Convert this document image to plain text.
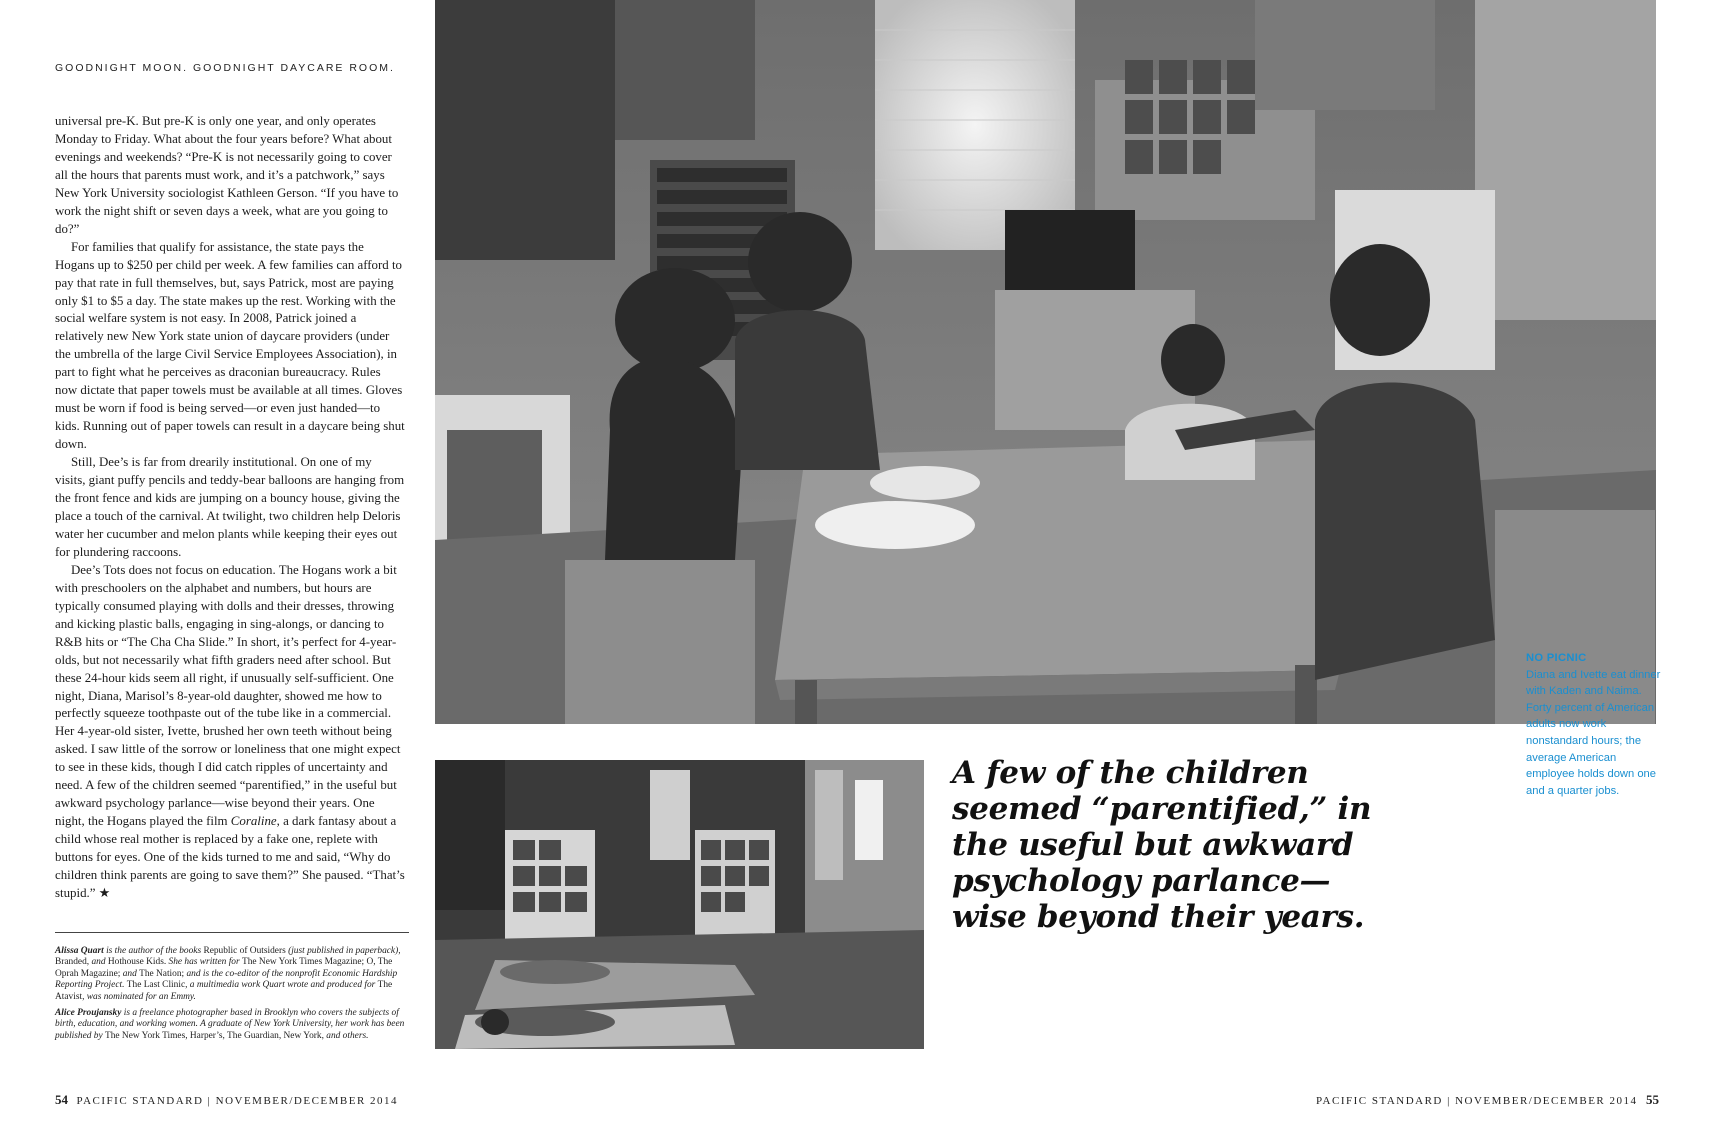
GOODNIGHT MOON. GOODNIGHT DAYCARE ROOM.

universal pre-K. But pre-K is only one year, and only operates Monday to Friday. What about the four years before? What about evenings and weekends? “Pre-K is not necessarily going to cover all the hours that parents must work, and it’s a patchwork,” says New York University sociologist Kathleen Gerson. “If you have to work the night shift or seven days a week, what are you going to do?”

For families that qualify for assistance, the state pays the Hogans up to $250 per child per week. A few families can afford to pay that rate in full themselves, but, says Patrick, most are paying only $1 to $5 a day. The state makes up the rest. Working with the social welfare system is not easy. In 2008, Patrick joined a relatively new New York state union of daycare providers (under the umbrella of the large Civil Service Employees Association), in part to fight what he perceives as draconian bureaucracy. Rules now dictate that paper towels must be available at all times. Gloves must be worn if food is being served—or even just handed—to kids. Running out of paper towels can result in a daycare being shut down.

Still, Dee’s is far from drearily institutional. On one of my visits, giant puffy pencils and teddy-bear balloons are hanging from the front fence and kids are jumping on a bouncy house, giving the place a touch of the carnival. At twilight, two children help Deloris water her cucumber and melon plants while keeping their eyes out for plundering raccoons.

Dee’s Tots does not focus on education. The Hogans work a bit with preschoolers on the alphabet and numbers, but hours are typically consumed playing with dolls and their dresses, throwing and kicking plastic balls, engaging in sing-alongs, or dancing to R&B hits or “The Cha Cha Slide.” In short, it’s perfect for 4-year-olds, but not necessarily what fifth graders need after school. But these 24-hour kids seem all right, if unusually self-sufficient. One night, Diana, Marisol’s 8-year-old daughter, showed me how to perfectly squeeze toothpaste out of the tube like in a commercial. Her 4-year-old sister, Ivette, brushed her own teeth without being asked. I saw little of the sorrow or loneliness that one might expect to see in these kids, though I did catch ripples of uncertainty and need. A few of the children seemed “parentified,” in the useful but awkward psychology parlance—wise beyond their years. One night, the Hogans played the film Coraline, a dark fantasy about a child whose real mother is replaced by a fake one, replete with buttons for eyes. One of the kids turned to me and said, “Why do children think parents are going to save them?” She paused. “That’s stupid.” ★

Alissa Quart is the author of the books Republic of Outsiders (just published in paperback), Branded, and Hothouse Kids. She has written for The New York Times Magazine; O, The Oprah Magazine; and The Nation; and is the co-editor of the nonprofit Economic Hardship Reporting Project. The Last Clinic, a multimedia work Quart wrote and produced for The Atavist, was nominated for an Emmy.
Alice Proujansky is a freelance photographer based in Brooklyn who covers the subjects of birth, education, and working women. A graduate of New York University, her work has been published by The New York Times, Harper’s, The Guardian, New York, and others.
54 PACIFIC STANDARD | NOVEMBER/DECEMBER 2014	PACIFIC STANDARD | NOVEMBER/DECEMBER 2014 55
NO PICNIC
Diana and Ivette eat dinner with Kaden and Naima. Forty percent of American adults now work nonstandard hours; the average American employee holds down one and a quarter jobs.
A few of the children seemed “parentified,” in the useful but awkward psychology parlance— wise beyond their years.
